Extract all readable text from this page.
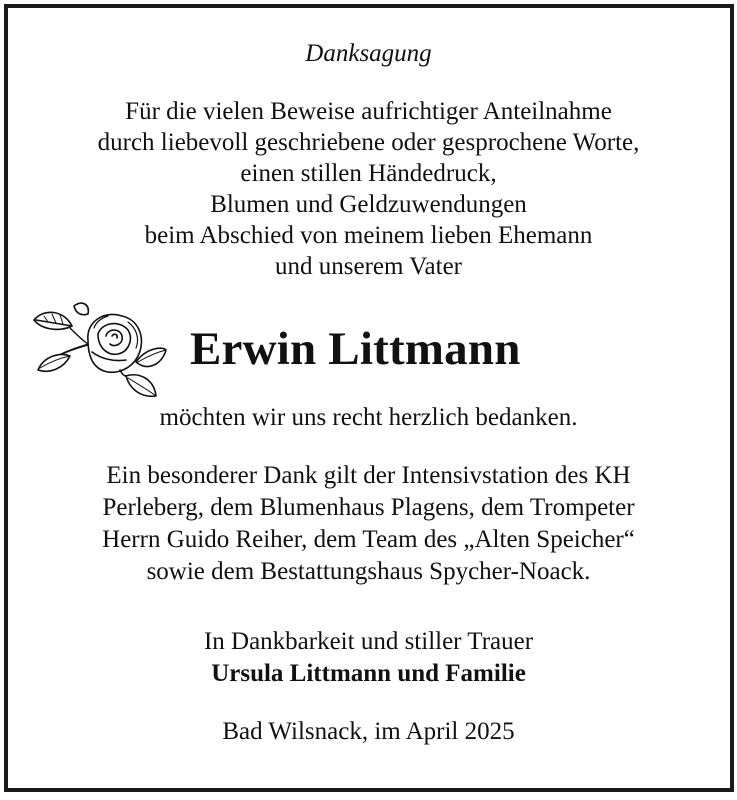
Danksagung
Für die vielen Beweise aufrichtiger Anteilnahme
durch liebevoll geschriebene oder gesprochene Worte,
einen stillen Händedruck,
Blumen und Geldzuwendungen
beim Abschied von meinem lieben Ehemann
und unserem Vater
Erwin Littmann
möchten wir uns recht herzlich bedanken.
Ein besonderer Dank gilt der Intensivstation des KH
Perleberg, dem Blumenhaus Plagens, dem Trompeter
Herrn Guido Reiher, dem Team des „Alten Speicher“
sowie dem Bestattungshaus Spycher-Noack.
In Dankbarkeit und stiller Trauer
Ursula Littmann und Familie
Bad Wilsnack, im April 2025
